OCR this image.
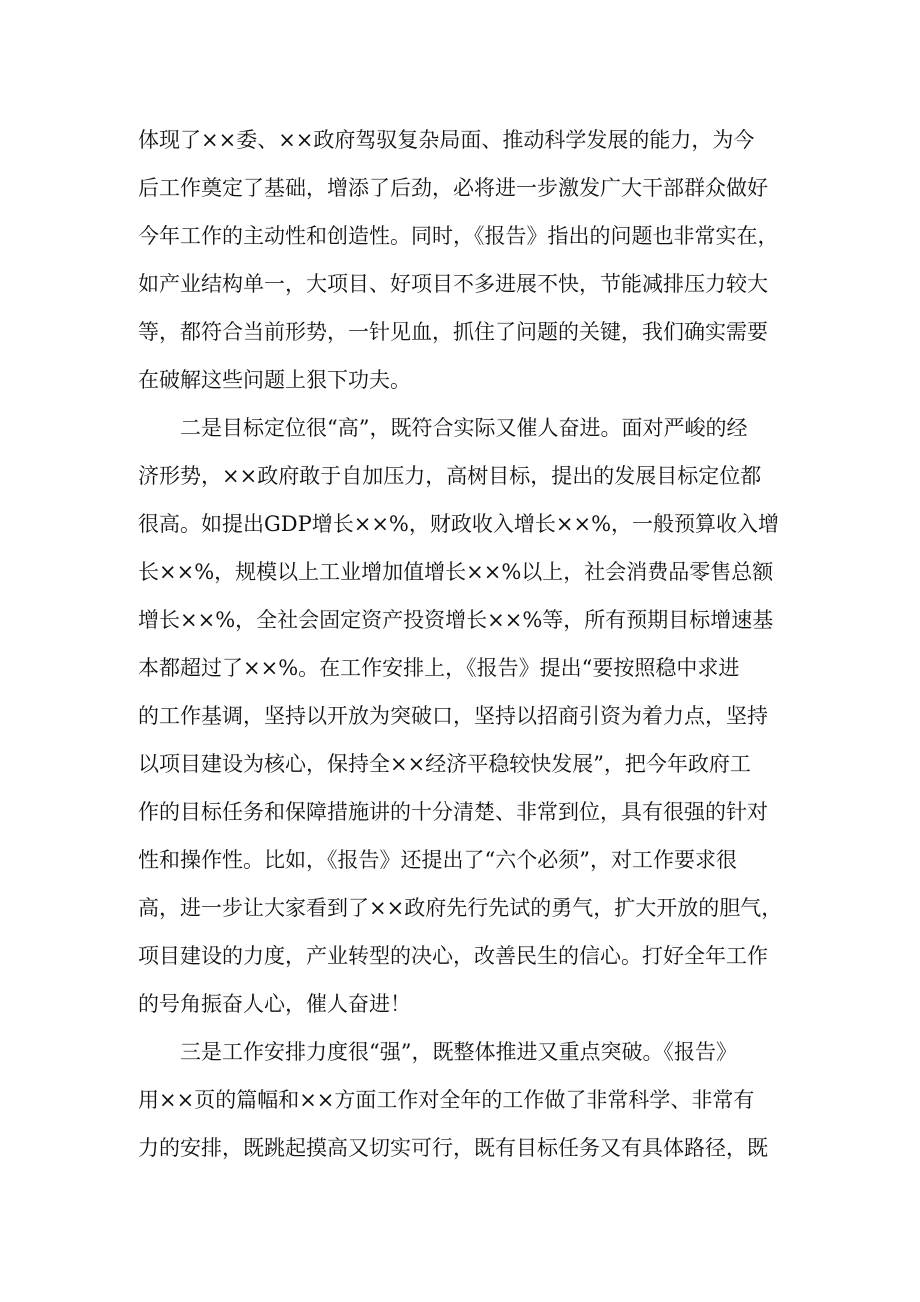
体现了××委、××政府驾驭复杂局面、推动科学发展的能力，为今
后工作奠定了基础，增添了后劲，必将进一步激发广大干部群众做好
今年工作的主动性和创造性。同时，《报告》指出的问题也非常实在，
如产业结构单一，大项目、好项目不多进展不快，节能减排压力较大
等，都符合当前形势，一针见血，抓住了问题的关键，我们确实需要
在破解这些问题上狠下功夫。
　　二是目标定位很“高”，既符合实际又催人奋进。面对严峻的经
济形势，××政府敢于自加压力，高树目标，提出的发展目标定位都
很高。如提出GDP增长××%，财政收入增长××%，一般预算收入增
长××%，规模以上工业增加值增长××%以上，社会消费品零售总额
增长××%，全社会固定资产投资增长××%等，所有预期目标增速基
本都超过了××%。在工作安排上，《报告》提出“要按照稳中求进
的工作基调，坚持以开放为突破口，坚持以招商引资为着力点，坚持
以项目建设为核心，保持全××经济平稳较快发展”，把今年政府工
作的目标任务和保障措施讲的十分清楚、非常到位，具有很强的针对
性和操作性。比如，《报告》还提出了“六个必须”，对工作要求很
高，进一步让大家看到了××政府先行先试的勇气，扩大开放的胆气，
项目建设的力度，产业转型的决心，改善民生的信心。打好全年工作
的号角振奋人心，催人奋进！
　　三是工作安排力度很“强”，既整体推进又重点突破。《报告》
用××页的篇幅和××方面工作对全年的工作做了非常科学、非常有
力的安排，既跳起摸高又切实可行，既有目标任务又有具体路径，既
